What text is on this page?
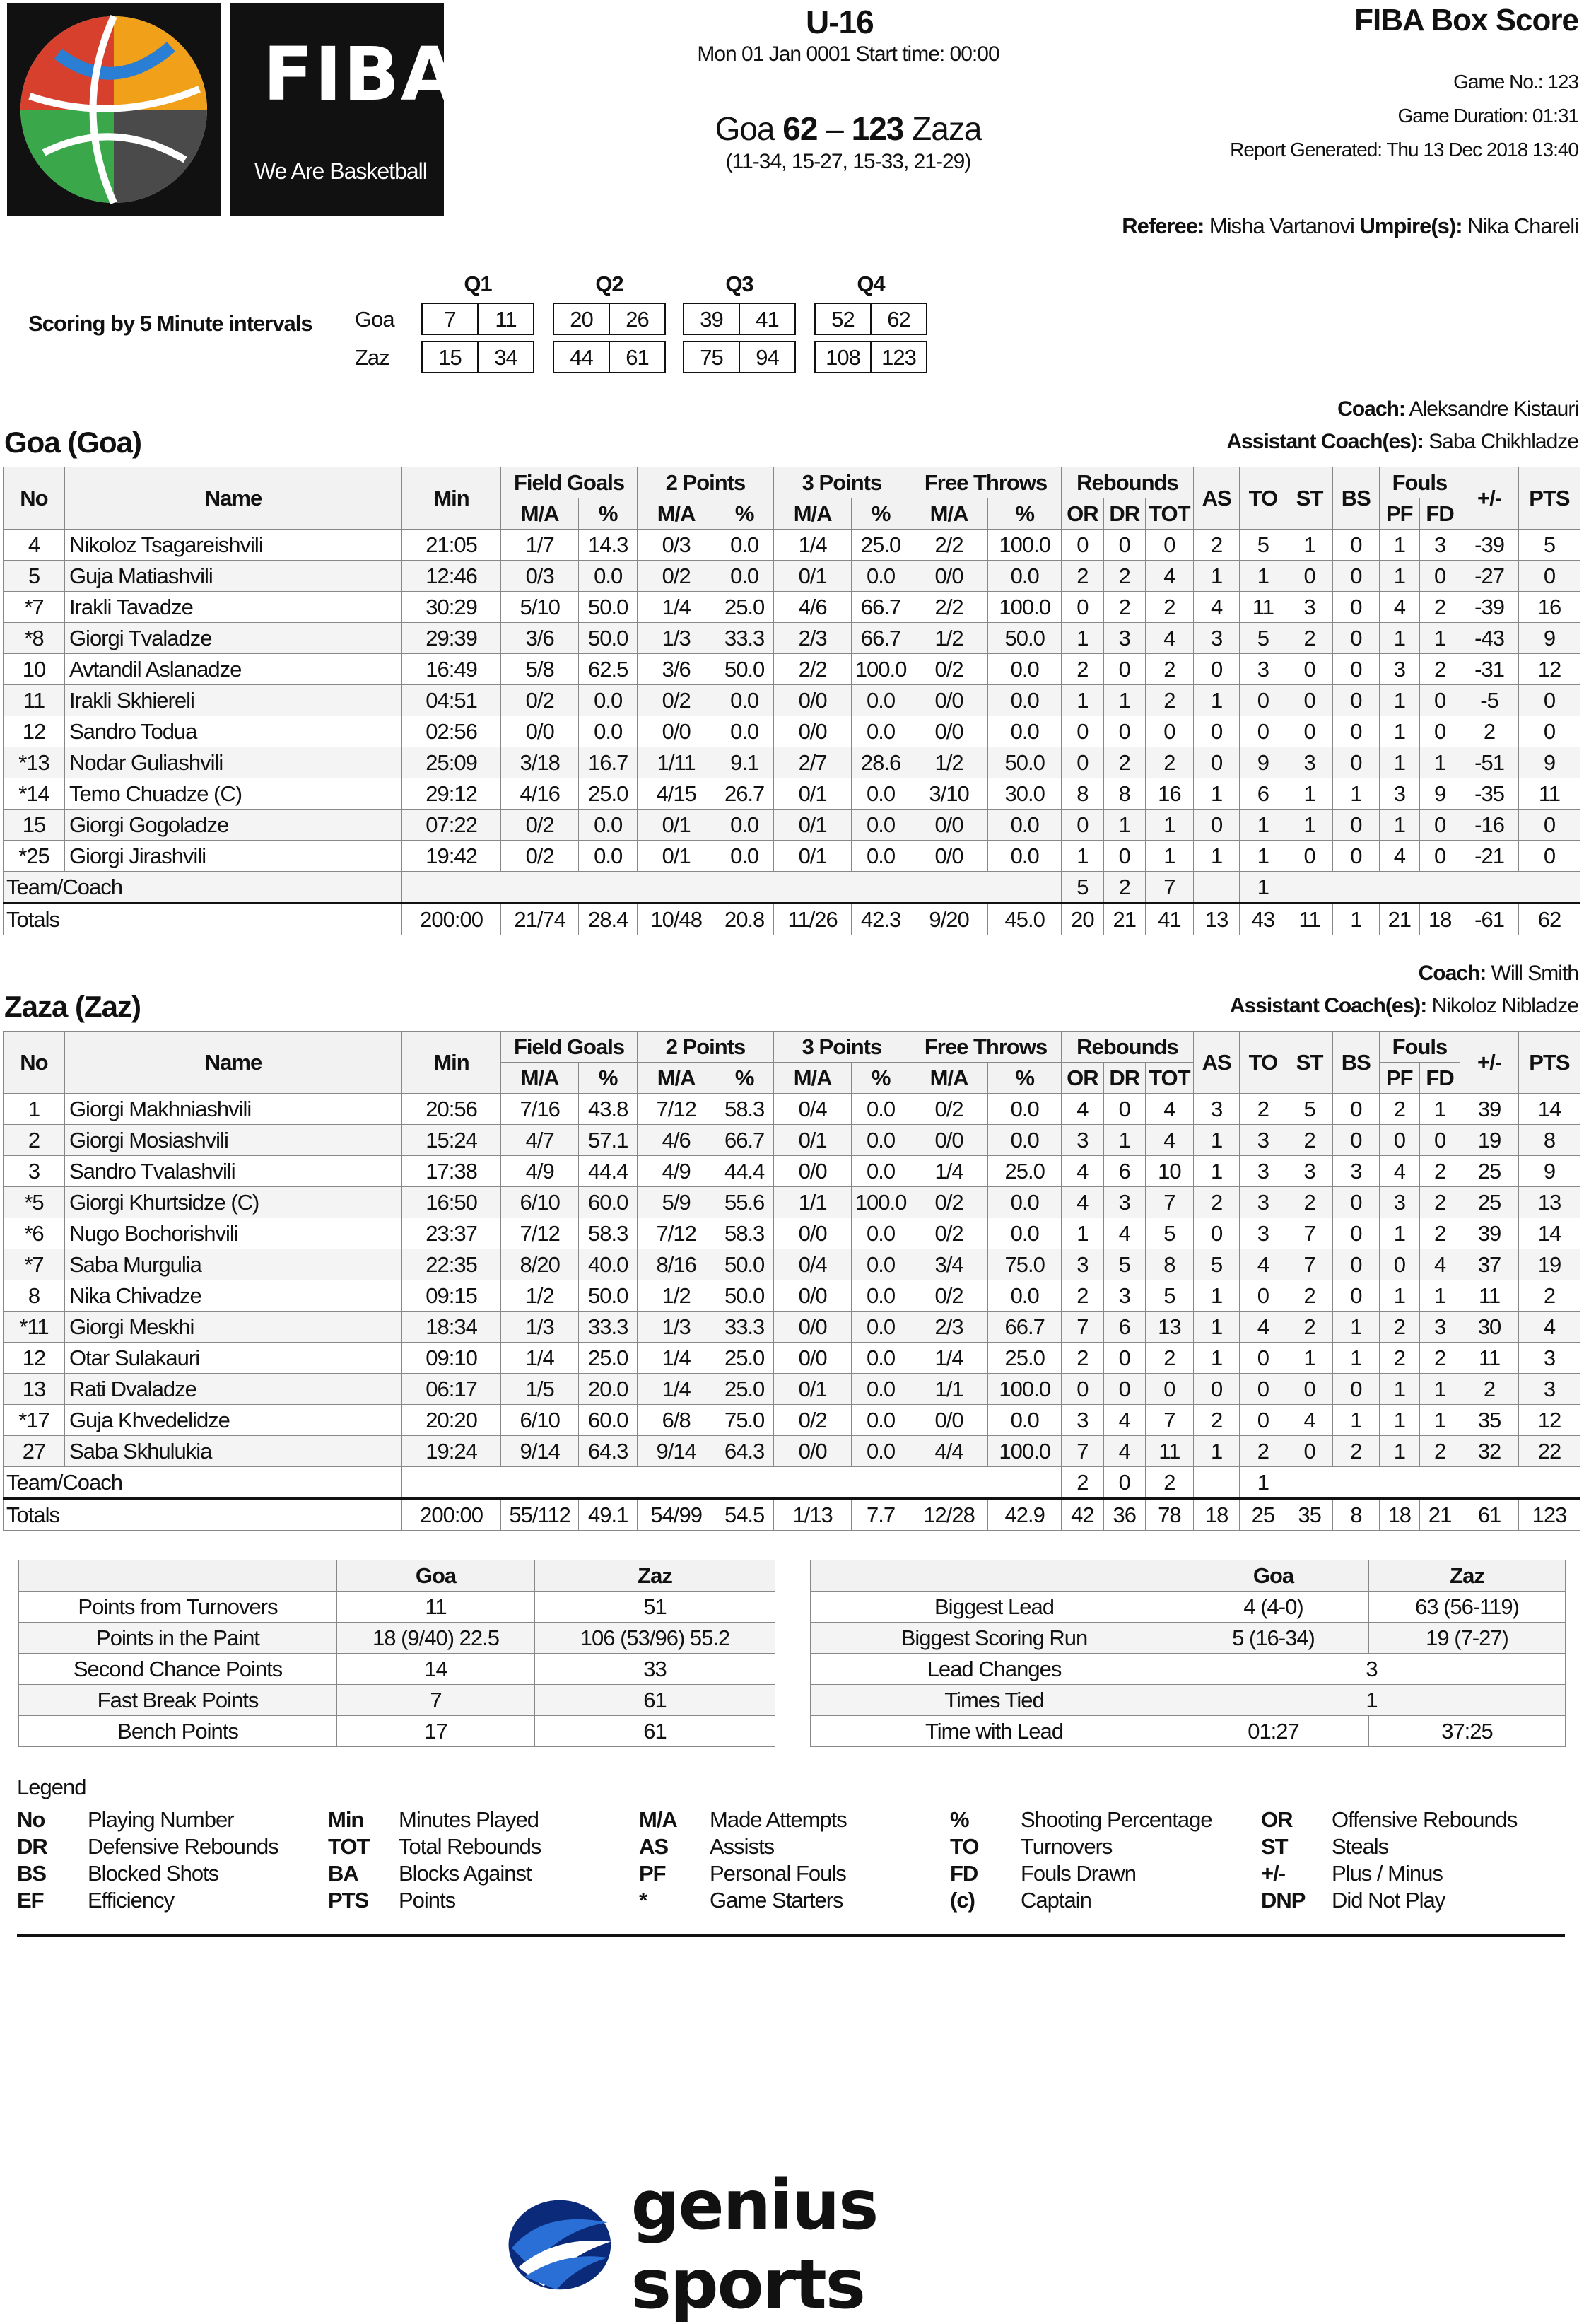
FIBA
We Are Basketball
U-16
Mon 01 Jan 0001 Start time: 00:00
Goa 62 – 123 Zaza
(11-34, 15-27, 15-33, 21-29)
FIBA Box Score
Game No.: 123
Game Duration: 01:31
Report Generated: Thu 13 Dec 2018 13:40
Referee: Misha Vartanovi Umpire(s): Nika Chareli
Scoring by 5 Minute intervals
Q1	Q2	Q3	Q4
Goa	7	11	20	26	39	41	52	62
Zaz	15	34	44	61	75	94	108 123
Coach: Aleksandre Kistauri
Assistant Coach(es): Saba Chikhladze
Goa (Goa)
No	Name	Min	Field Goals		2 Points		3 Points		Free Throws		Rebounds			AS	TO	ST	BS	Fouls		+/-	PTS
			M/A	%	M/A	%	M/A	%	M/A	%	OR	DR	TOT					PF	FD		
4	Nikoloz Tsagareishvili	21:05	1/7	14.3	0/3	0.0	1/4	25.0	2/2	100.0	0	0	0	2	5	1	0	1	3	-39	5
5	Guja Matiashvili	12:46	0/3	0.0	0/2	0.0	0/1	0.0	0/0	0.0	2	2	4	1	1	0	0	1	0	-27	0
*7	Irakli Tavadze	30:29	5/10	50.0	1/4	25.0	4/6	66.7	2/2	100.0	0	2	2	4	11	3	0	4	2	-39	16
*8	Giorgi Tvaladze	29:39	3/6	50.0	1/3	33.3	2/3	66.7	1/2	50.0	1	3	4	3	5	2	0	1	1	-43	9
10	Avtandil Aslanadze	16:49	5/8	62.5	3/6	50.0	2/2	100.0	0/2	0.0	2	0	2	0	3	0	0	3	2	-31	12
11	Irakli Skhiereli	04:51	0/2	0.0	0/2	0.0	0/0	0.0	0/0	0.0	1	1	2	1	0	0	0	1	0	-5	0
12	Sandro Todua	02:56	0/0	0.0	0/0	0.0	0/0	0.0	0/0	0.0	0	0	0	0	0	0	0	1	0	2	0
*13	Nodar Guliashvili	25:09	3/18	16.7	1/11	9.1	2/7	28.6	1/2	50.0	0	2	2	0	9	3	0	1	1	-51	9
*14	Temo Chuadze (C)	29:12	4/16	25.0	4/15	26.7	0/1	0.0	3/10	30.0	8	8	16	1	6	1	1	3	9	-35	11
15	Giorgi Gogoladze	07:22	0/2	0.0	0/1	0.0	0/1	0.0	0/0	0.0	0	1	1	0	1	1	0	1	0	-16	0
*25	Giorgi Jirashvili	19:42	0/2	0.0	0/1	0.0	0/1	0.0	0/0	0.0	1	0	1	1	1	0	0	4	0	-21	0
Team/Coach											5	2	7		1						
Totals		200:00	21/74	28.4	10/48	20.8	11/26	42.3	9/20	45.0	20	21	41	13	43	11	1	21	18	-61	62
Coach: Will Smith
Assistant Coach(es): Nikoloz Nibladze
Zaza (Zaz)
No	Name	Min	Field Goals		2 Points		3 Points		Free Throws		Rebounds			AS	TO	ST	BS	Fouls		+/-	PTS
			M/A	%	M/A	%	M/A	%	M/A	%	OR	DR	TOT					PF	FD		
1	Giorgi Makhniashvili	20:56	7/16	43.8	7/12	58.3	0/4	0.0	0/2	0.0	4	0	4	3	2	5	0	2	1	39	14
2	Giorgi Mosiashvili	15:24	4/7	57.1	4/6	66.7	0/1	0.0	0/0	0.0	3	1	4	1	3	2	0	0	0	19	8
3	Sandro Tvalashvili	17:38	4/9	44.4	4/9	44.4	0/0	0.0	1/4	25.0	4	6	10	1	3	3	3	4	2	25	9
*5	Giorgi Khurtsidze (C)	16:50	6/10	60.0	5/9	55.6	1/1	100.0	0/2	0.0	4	3	7	2	3	2	0	3	2	25	13
*6	Nugo Bochorishvili	23:37	7/12	58.3	7/12	58.3	0/0	0.0	0/2	0.0	1	4	5	0	3	7	0	1	2	39	14
*7	Saba Murgulia	22:35	8/20	40.0	8/16	50.0	0/4	0.0	3/4	75.0	3	5	8	5	4	7	0	0	4	37	19
8	Nika Chivadze	09:15	1/2	50.0	1/2	50.0	0/0	0.0	0/2	0.0	2	3	5	1	0	2	0	1	1	11	2
*11	Giorgi Meskhi	18:34	1/3	33.3	1/3	33.3	0/0	0.0	2/3	66.7	7	6	13	1	4	2	1	2	3	30	4
12	Otar Sulakauri	09:10	1/4	25.0	1/4	25.0	0/0	0.0	1/4	25.0	2	0	2	1	0	1	1	2	2	11	3
13	Rati Dvaladze	06:17	1/5	20.0	1/4	25.0	0/1	0.0	1/1	100.0	0	0	0	0	0	0	0	1	1	2	3
*17	Guja Khvedelidze	20:20	6/10	60.0	6/8	75.0	0/2	0.0	0/0	0.0	3	4	7	2	0	4	1	1	1	35	12
27	Saba Skhulukia	19:24	9/14	64.3	9/14	64.3	0/0	0.0	4/4	100.0	7	4	11	1	2	0	2	1	2	32	22
Team/Coach											2	0	2		1						
Totals		200:00	55/112	49.1	54/99	54.5	1/13	7.7	12/28	42.9	42	36	78	18	25	35	8	18	21	61	123
	Goa	Zaz
Points from Turnovers	11	51
Points in the Paint	18 (9/40) 22.5	106 (53/96) 55.2
Second Chance Points	14	33
Fast Break Points	7	61
Bench Points	17	61
	Goa	Zaz
Biggest Lead	4 (4-0)	63 (56-119)
Biggest Scoring Run	5 (16-34)	19 (7-27)
Lead Changes	3	
Times Tied	1	
Time with Lead	01:27	37:25
Legend
No	Playing Number	Min	Minutes Played	M/A	Made Attempts	%	Shooting Percentage	OR	Offensive Rebounds
DR	Defensive Rebounds	TOT	Total Rebounds	AS	Assists	TO	Turnovers	ST	Steals
BS	Blocked Shots	BA	Blocks Against	PF	Personal Fouls	FD	Fouls Drawn	+/-	Plus / Minus
EF	Efficiency	PTS	Points	*	Game Starters	(c)	Captain	DNP	Did Not Play
genius sports
